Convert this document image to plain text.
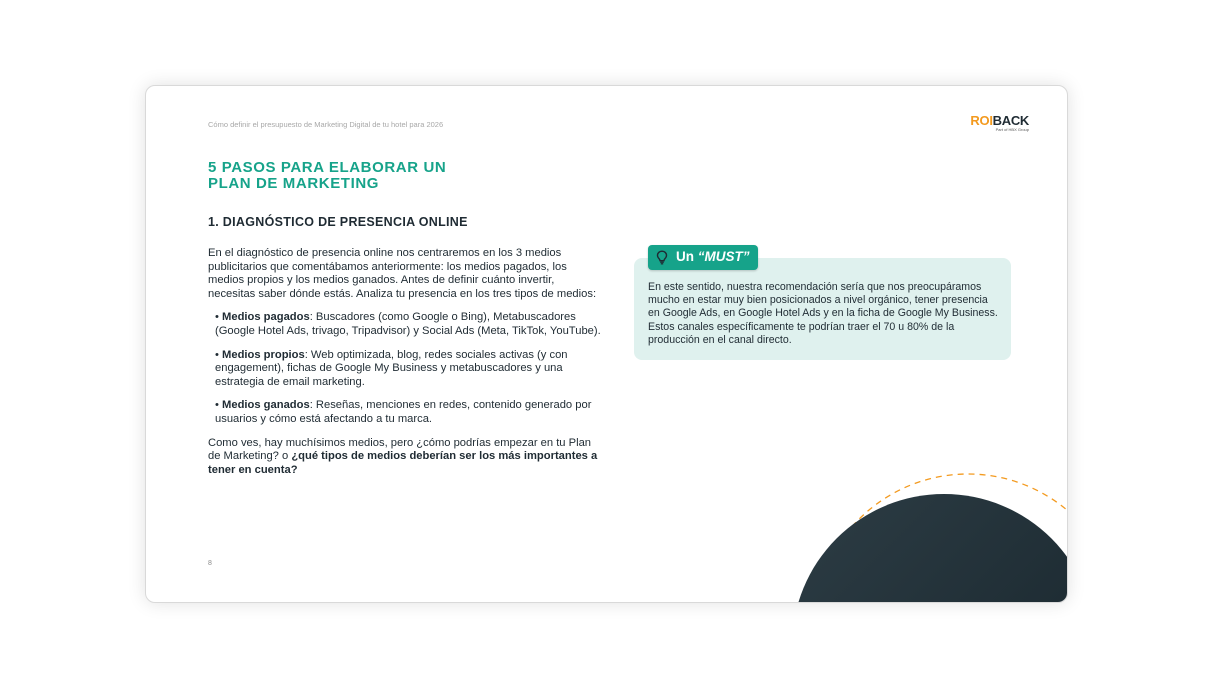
Cómo definir el presupuesto de Marketing Digital de tu hotel para 2026	ROIBACK
Part of HBX Group
5 PASOS PARA ELABORAR UN
PLAN DE MARKETING
1. DIAGNÓSTICO DE PRESENCIA ONLINE

En el diagnóstico de presencia online nos centraremos en los 3 medios publicitarios que comentábamos anteriormente: los medios pagados, los medios propios y los medios ganados. Antes de definir cuánto invertir, necesitas saber dónde estás. Analiza tu presencia en los tres tipos de medios:

• Medios pagados: Buscadores (como Google o Bing), Metabuscadores (Google Hotel Ads, trivago, Tripadvisor) y Social Ads (Meta, TikTok, YouTube).
• Medios propios: Web optimizada, blog, redes sociales activas (y con engagement), fichas de Google My Business y metabuscadores y una estrategia de email marketing.
• Medios ganados: Reseñas, menciones en redes, contenido generado por usuarios y cómo está afectando a tu marca.

Como ves, hay muchísimos medios, pero ¿cómo podrías empezar en tu Plan de Marketing? o ¿qué tipos de medios deberían ser los más importantes a tener en cuenta?

En este sentido, nuestra recomendación sería que nos preocupáramos mucho en estar muy bien posicionados a nivel orgánico, tener presencia en Google Ads, en Google Hotel Ads y en la ficha de Google My Business. Estos canales específicamente te podrían traer el 70 u 80% de la producción en el canal directo.
Un “MUST”
8
